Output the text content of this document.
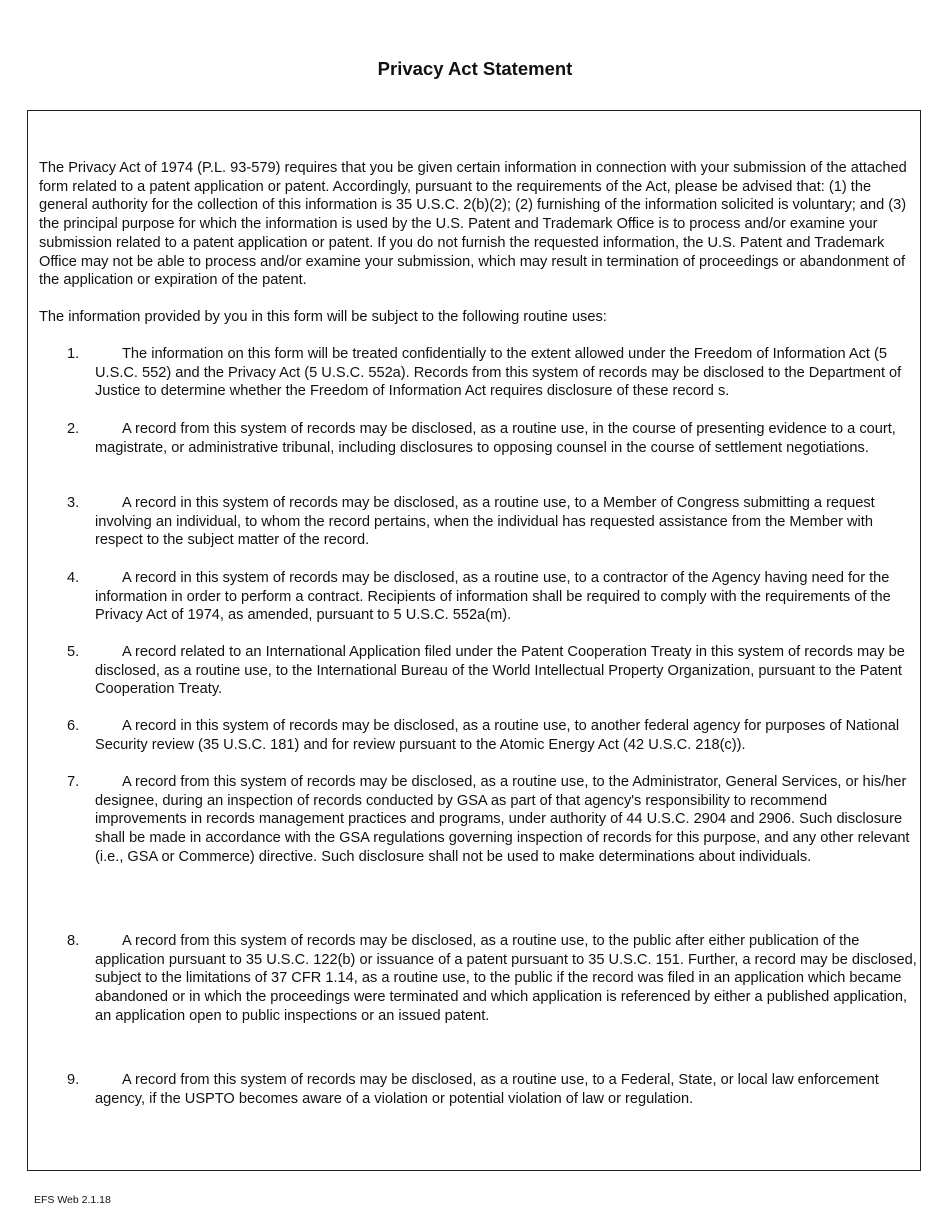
Privacy Act Statement

The Privacy Act of 1974 (P.L. 93-579) requires that you be given certain information in connection with your submission of the attached form related to a patent application or patent. Accordingly, pursuant to the requirements of the Act, please be advised that: (1) the general authority for the collection of this information is 35 U.S.C. 2(b)(2); (2) furnishing of the information solicited is voluntary; and (3) the principal purpose for which the information is used by the U.S. Patent and Trademark Office is to process and/or examine your submission related to a patent application or patent. If you do not furnish the requested information, the U.S. Patent and Trademark Office may not be able to process and/or examine your submission, which may result in termination of proceedings or abandonment of the application or expiration of the patent.

The information provided by you in this form will be subject to the following routine uses:

1.	The information on this form will be treated confidentially to the extent allowed under the Freedom of Information Act (5 U.S.C. 552) and the Privacy Act (5 U.S.C. 552a). Records from this system of records may be disclosed to the Department of Justice to determine whether the Freedom of Information Act requires disclosure of these record s.
2.	A record from this system of records may be disclosed, as a routine use, in the course of presenting evidence to a court, magistrate, or administrative tribunal, including disclosures to opposing counsel in the course of settlement negotiations.
3.	A record in this system of records may be disclosed, as a routine use, to a Member of Congress submitting a request involving an individual, to whom the record pertains, when the individual has requested assistance from the Member with respect to the subject matter of the record.
4.	A record in this system of records may be disclosed, as a routine use, to a contractor of the Agency having need for the information in order to perform a contract. Recipients of information shall be required to comply with the requirements of the Privacy Act of 1974, as amended, pursuant to 5 U.S.C. 552a(m).
5.	A record related to an International Application filed under the Patent Cooperation Treaty in this system of records may be disclosed, as a routine use, to the International Bureau of the World Intellectual Property Organization, pursuant to the Patent Cooperation Treaty.
6.	A record in this system of records may be disclosed, as a routine use, to another federal agency for purposes of National Security review (35 U.S.C. 181) and for review pursuant to the Atomic Energy Act (42 U.S.C. 218(c)).
7.	A record from this system of records may be disclosed, as a routine use, to the Administrator, General Services, or his/her designee, during an inspection of records conducted by GSA as part of that agency's responsibility to recommend improvements in records management practices and programs, under authority of 44 U.S.C. 2904 and 2906. Such disclosure shall be made in accordance with the GSA regulations governing inspection of records for this purpose, and any other relevant (i.e., GSA or Commerce) directive. Such disclosure shall not be used to make determinations about individuals.
8.	A record from this system of records may be disclosed, as a routine use, to the public after either publication of the application pursuant to 35 U.S.C. 122(b) or issuance of a patent pursuant to 35 U.S.C. 151. Further, a record may be disclosed, subject to the limitations of 37 CFR 1.14, as a routine use, to the public if the record was filed in an application which became abandoned or in which the proceedings were terminated and which application is referenced by either a published application, an application open to public inspections or an issued patent.
9.	A record from this system of records may be disclosed, as a routine use, to a Federal, State, or local law enforcement agency, if the USPTO becomes aware of a violation or potential violation of law or regulation.
EFS Web 2.1.18
